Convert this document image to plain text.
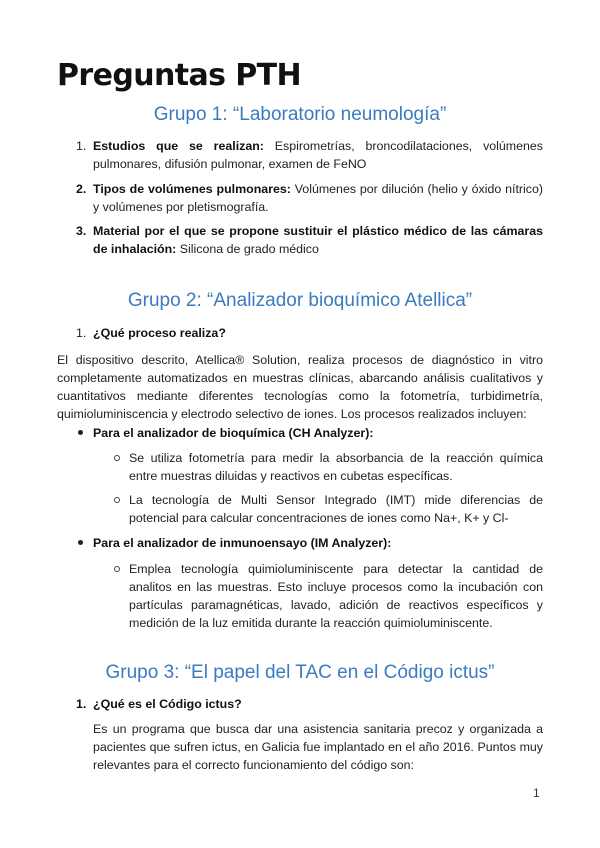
Preguntas PTH
Grupo 1: “Laboratorio neumología”
1. Estudios que se realizan: Espirometrías, broncodilataciones, volúmenes pulmonares, difusión pulmonar, examen de FeNO

2. Tipos de volúmenes pulmonares: Volúmenes por dilución (helio y óxido nítrico) y volúmenes por pletismografía.

3. Material por el que se propone sustituir el plástico médico de las cámaras de inhalación: Silicona de grado médico

Grupo 2: “Analizador bioquímico Atellica”
1. ¿Qué proceso realiza?

El dispositivo descrito, Atellica® Solution, realiza procesos de diagnóstico in vitro completamente automatizados en muestras clínicas, abarcando análisis cualitativos y cuantitativos mediante diferentes tecnologías como la fotometría, turbidimetría, quimioluminiscencia y electrodo selectivo de iones. Los procesos realizados incluyen:

Para el analizador de bioquímica (CH Analyzer):

Se utiliza fotometría para medir la absorbancia de la reacción química entre muestras diluidas y reactivos en cubetas específicas.

La tecnología de Multi Sensor Integrado (IMT) mide diferencias de potencial para calcular concentraciones de iones como Na+, K+ y Cl-

Para el analizador de inmunoensayo (IM Analyzer):

Emplea tecnología quimioluminiscente para detectar la cantidad de analitos en las muestras. Esto incluye procesos como la incubación con partículas paramagnéticas, lavado, adición de reactivos específicos y medición de la luz emitida durante la reacción quimioluminiscente.

Grupo 3: “El papel del TAC en el Código ictus”
1. ¿Qué es el Código ictus?

Es un programa que busca dar una asistencia sanitaria precoz y organizada a pacientes que sufren ictus, en Galicia fue implantado en el año 2016. Puntos muy relevantes para el correcto funcionamiento del código son:

1
